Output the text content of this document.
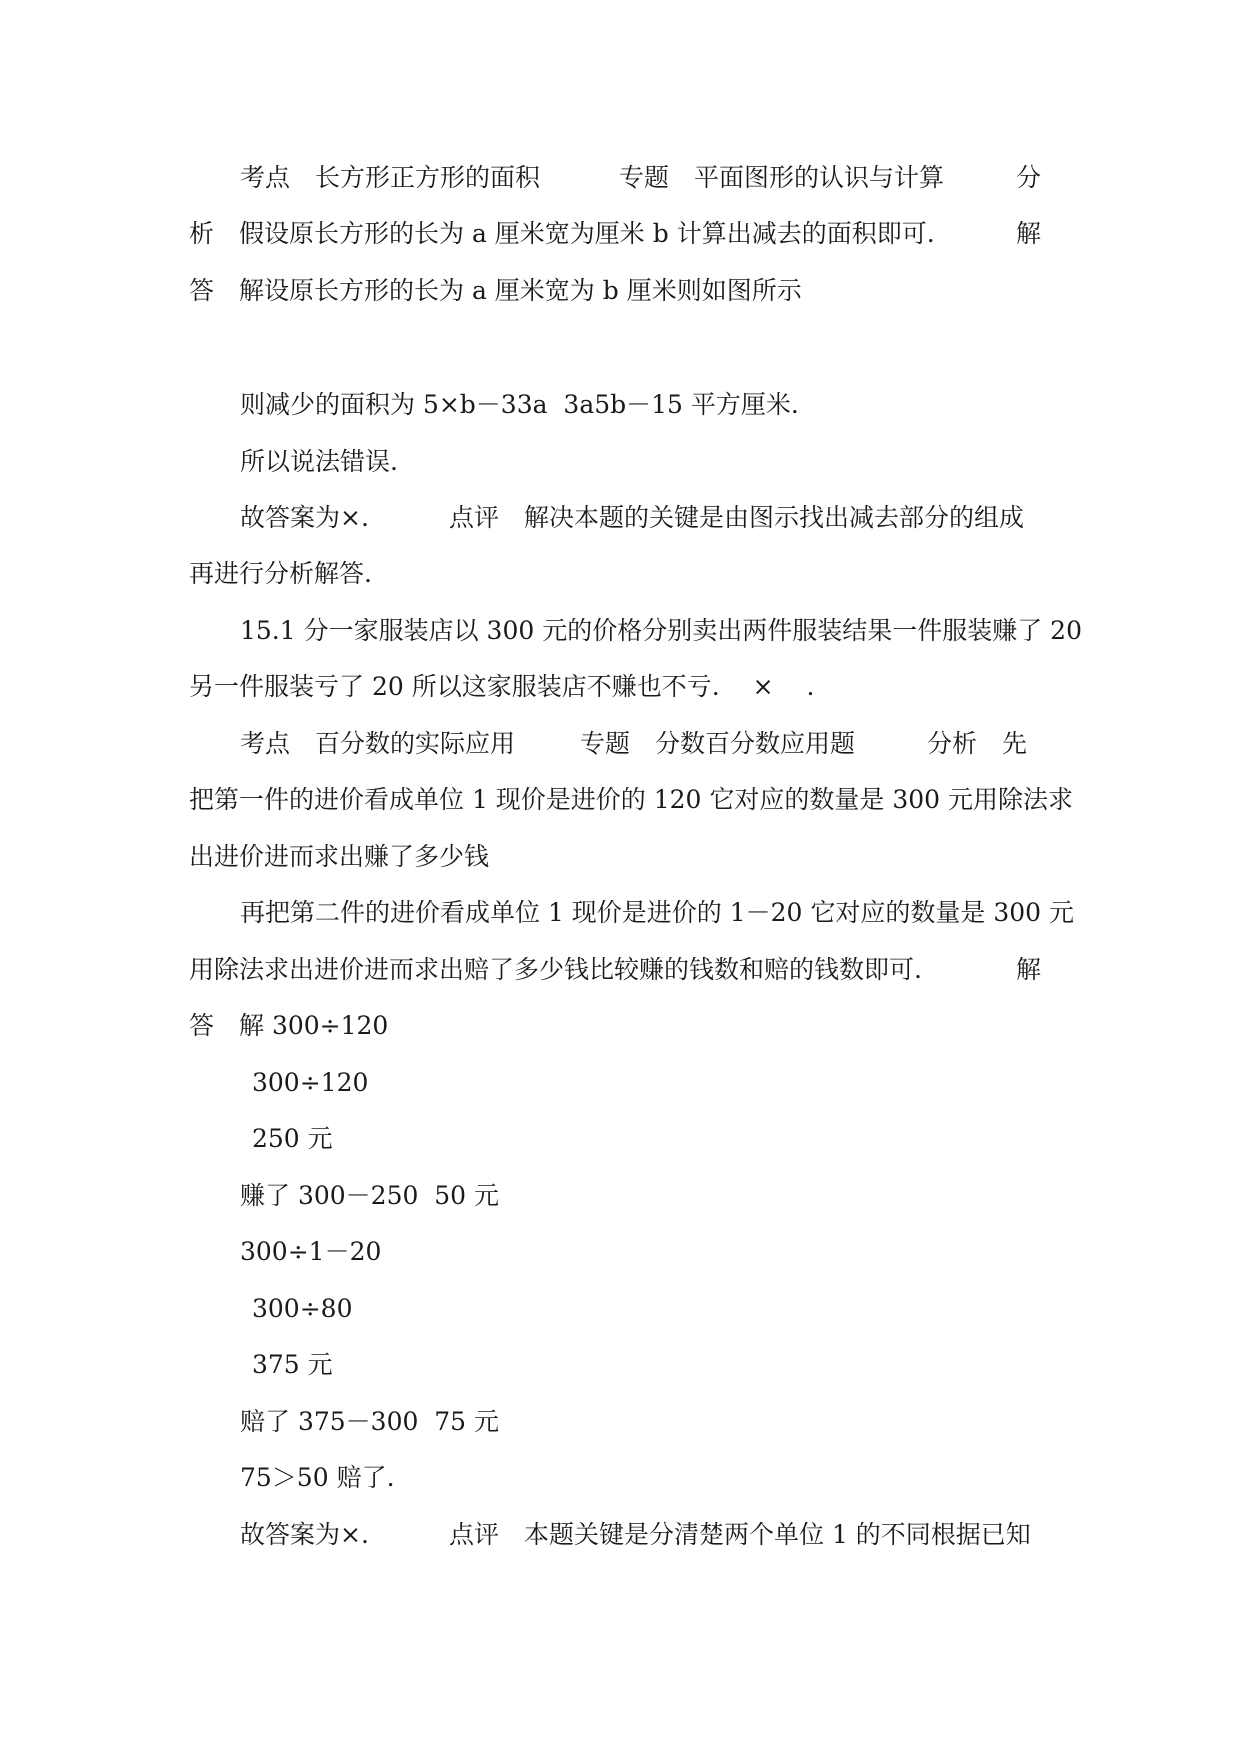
考点　长方形正方形的面积	专题　平面图形的认识与计算	分
析　假设原长方形的长为 a 厘米宽为厘米 b 计算出减去的面积即可.	解
答　解设原长方形的长为 a 厘米宽为 b 厘米则如图所示
则减少的面积为 5×b－33a  3a5b－15 平方厘米.
所以说法错误.
故答案为×.	点评　解决本题的关键是由图示找出减去部分的组成
再进行分析解答.
15.1 分一家服装店以 300 元的价格分别卖出两件服装结果一件服装赚了 20
另一件服装亏了 20 所以这家服装店不赚也不亏.　 ×　 .
考点　百分数的实际应用	专题　分数百分数应用题	分析　先
把第一件的进价看成单位 1 现价是进价的 120 它对应的数量是 300 元用除法求
出进价进而求出赚了多少钱
再把第二件的进价看成单位 1 现价是进价的 1－20 它对应的数量是 300 元
用除法求出进价进而求出赔了多少钱比较赚的钱数和赔的钱数即可.	解
答　解 300÷120
300÷120
250 元
赚了 300－250  50 元
300÷1－20
300÷80
375 元
赔了 375－300  75 元
75＞50 赔了.
故答案为×.	点评　本题关键是分清楚两个单位 1 的不同根据已知
